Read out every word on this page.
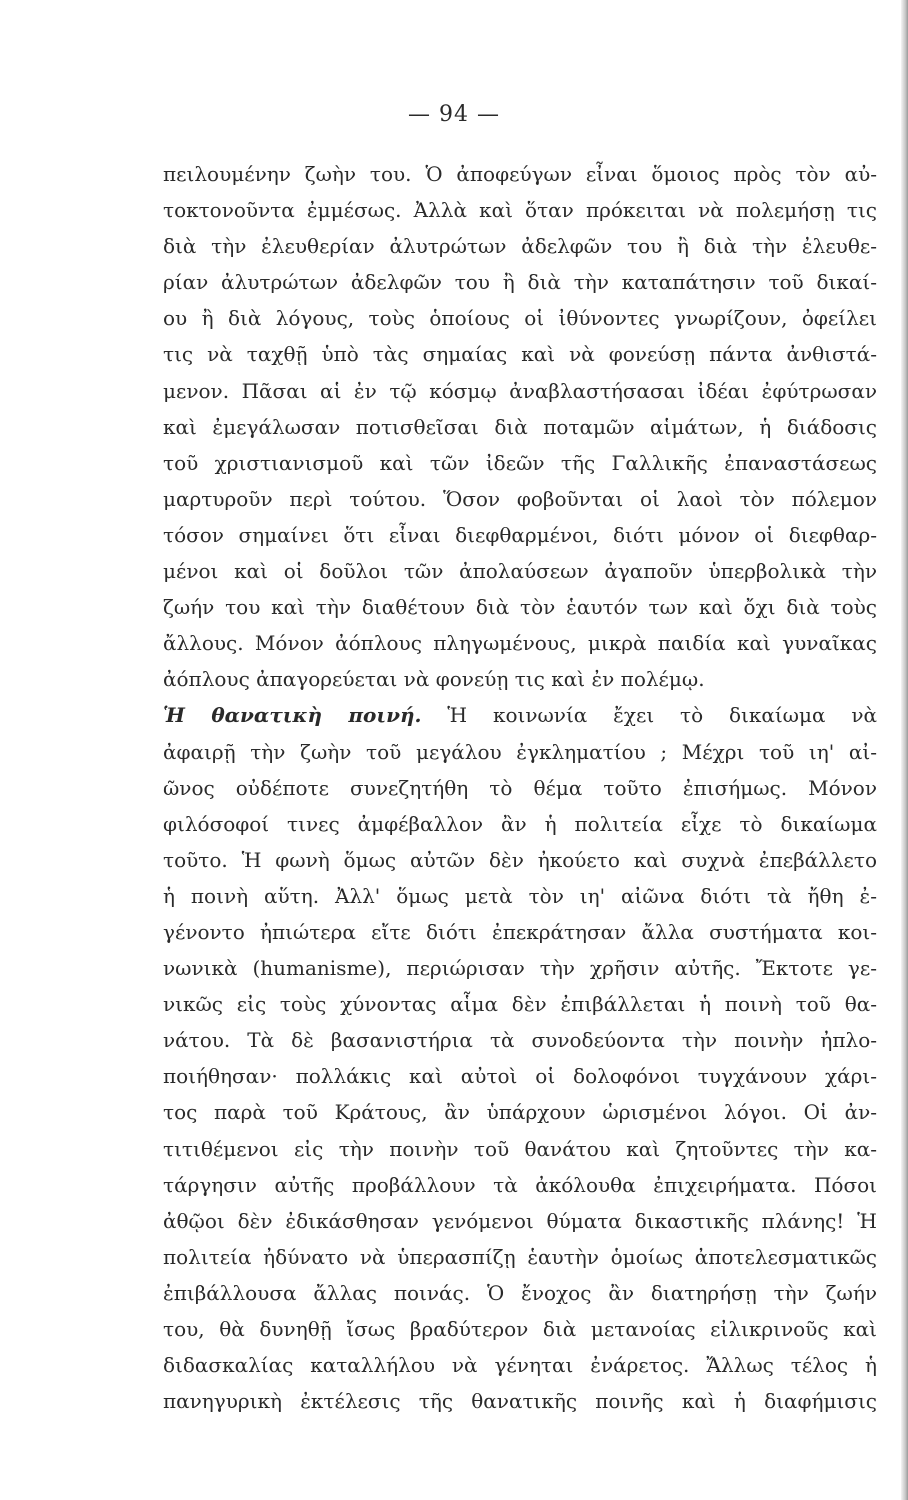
— 94 —
πειλουμένην ζωὴν του. Ὁ ἀποφεύγων εἶναι ὅμοιος πρὸς τὸν αὐ-
τοκτονοῦντα ἐμμέσως. Ἀλλὰ καὶ ὅταν πρόκειται νὰ πολεμήσῃ τις
διὰ τὴν ἐλευθερίαν ἀλυτρώτων ἀδελφῶν του ἢ διὰ τὴν ἐλευθε-
ρίαν ἀλυτρώτων ἀδελφῶν του ἢ διὰ τὴν καταπάτησιν τοῦ δικαί-
ου ἢ διὰ λόγους, τοὺς ὁποίους οἱ ἰθύνοντες γνωρίζουν, ὀφείλει
τις νὰ ταχθῇ ὑπὸ τὰς σημαίας καὶ νὰ φονεύσῃ πάντα ἀνθιστά-
μενον. Πᾶσαι αἱ ἐν τῷ κόσμῳ ἀναβλαστήσασαι ἰδέαι ἐφύτρωσαν
καὶ ἐμεγάλωσαν ποτισθεῖσαι διὰ ποταμῶν αἱμάτων, ἡ διάδοσις
τοῦ χριστιανισμοῦ καὶ τῶν ἰδεῶν τῆς Γαλλικῆς ἐπαναστάσεως
μαρτυροῦν περὶ τούτου. Ὅσον φοβοῦνται οἱ λαοὶ τὸν πόλεμον
τόσον σημαίνει ὅτι εἶναι διεφθαρμένοι, διότι μόνον οἱ διεφθαρ-
μένοι καὶ οἱ δοῦλοι τῶν ἀπολαύσεων ἀγαποῦν ὑπερβολικὰ τὴν
ζωήν του καὶ τὴν διαθέτουν διὰ τὸν ἑαυτόν των καὶ ὄχι διὰ τοὺς
ἄλλους. Μόνον ἀόπλους πληγωμένους, μικρὰ παιδία καὶ γυναῖκας
ἀόπλους ἀπαγορεύεται νὰ φονεύῃ τις καὶ ἐν πολέμῳ.
Ἡ θανατικὴ ποινή. Ἡ κοινωνία ἔχει τὸ δικαίωμα νὰ
ἀφαιρῇ τὴν ζωὴν τοῦ μεγάλου ἐγκληματίου ; Μέχρι τοῦ ιη' αἰ-
ῶνος οὐδέποτε συνεζητήθη τὸ θέμα τοῦτο ἐπισήμως. Μόνον
φιλόσοφοί τινες ἀμφέβαλλον ἂν ἡ πολιτεία εἶχε τὸ δικαίωμα
τοῦτο. Ἡ φωνὴ ὅμως αὐτῶν δὲν ἠκούετο καὶ συχνὰ ἐπεβάλλετο
ἡ ποινὴ αὕτη. Ἀλλ' ὅμως μετὰ τὸν ιη' αἰῶνα διότι τὰ ἤθη ἐ-
γένοντο ἠπιώτερα εἴτε διότι ἐπεκράτησαν ἄλλα συστήματα κοι-
νωνικὰ (humanisme), περιώρισαν τὴν χρῆσιν αὐτῆς. Ἔκτοτε γε-
νικῶς εἰς τοὺς χύνοντας αἷμα δὲν ἐπιβάλλεται ἡ ποινὴ τοῦ θα-
νάτου. Τὰ δὲ βασανιστήρια τὰ συνοδεύοντα τὴν ποινὴν ἠπλο-
ποιήθησαν· πολλάκις καὶ αὐτοὶ οἱ δολοφόνοι τυγχάνουν χάρι-
τος παρὰ τοῦ Κράτους, ἂν ὑπάρχουν ὡρισμένοι λόγοι. Οἱ ἀν-
τιτιθέμενοι εἰς τὴν ποινὴν τοῦ θανάτου καὶ ζητοῦντες τὴν κα-
τάργησιν αὐτῆς προβάλλουν τὰ ἀκόλουθα ἐπιχειρήματα. Πόσοι
ἀθῷοι δὲν ἐδικάσθησαν γενόμενοι θύματα δικαστικῆς πλάνης! Ἡ
πολιτεία ἠδύνατο νὰ ὑπερασπίζῃ ἑαυτὴν ὁμοίως ἀποτελεσματικῶς
ἐπιβάλλουσα ἄλλας ποινάς. Ὁ ἔνοχος ἂν διατηρήσῃ τὴν ζωήν
του, θὰ δυνηθῇ ἴσως βραδύτερον διὰ μετανοίας εἰλικρινοῦς καὶ
διδασκαλίας καταλλήλου νὰ γένηται ἐνάρετος. Ἄλλως τέλος ἡ
πανηγυρικὴ ἐκτέλεσις τῆς θανατικῆς ποινῆς καὶ ἡ διαφήμισις
